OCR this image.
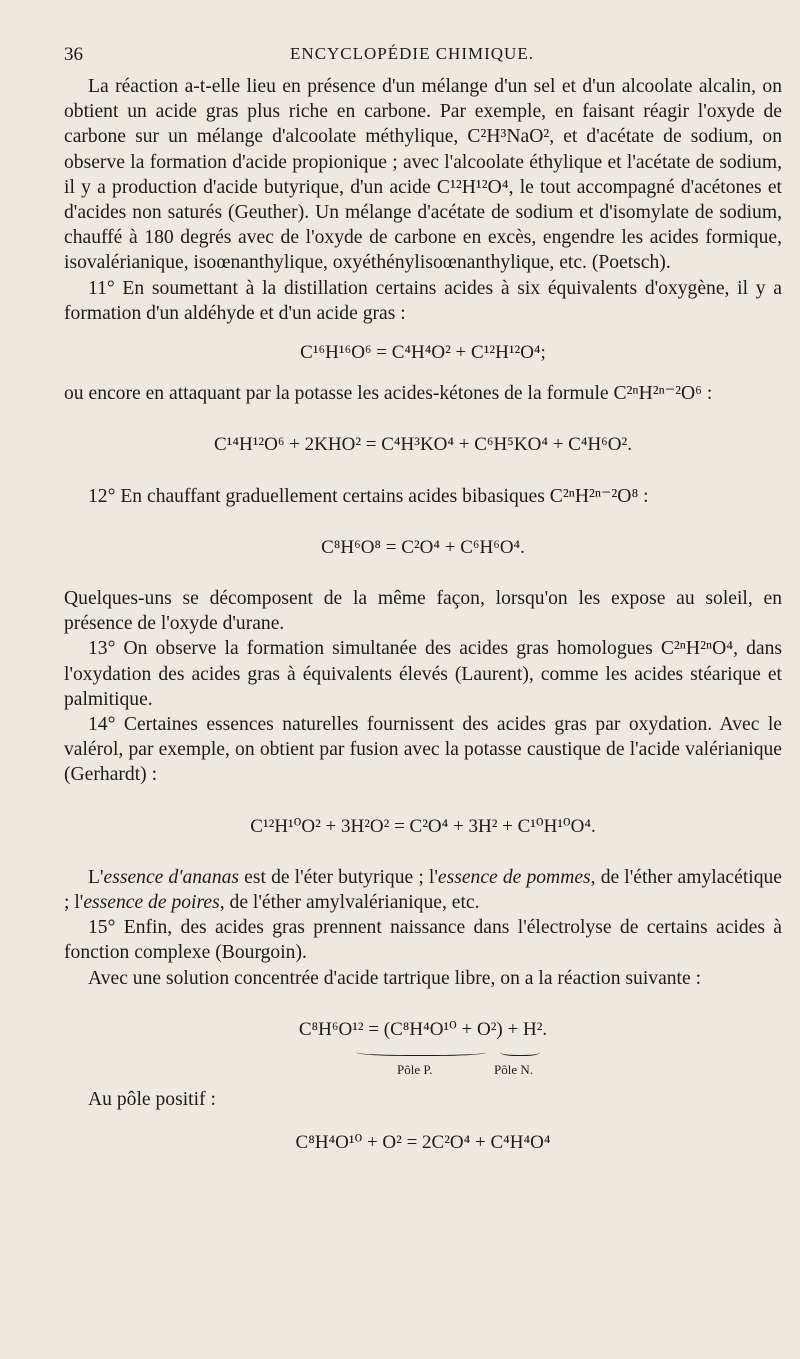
36	ENCYCLOPÉDIE CHIMIQUE.

La réaction a-t-elle lieu en présence d'un mélange d'un sel et d'un alcoolate alcalin, on obtient un acide gras plus riche en carbone. Par exemple, en faisant réagir l'oxyde de carbone sur un mélange d'alcoolate méthylique, C²H³NaO², et d'acétate de sodium, on observe la formation d'acide propionique ; avec l'alcoolate éthylique et l'acétate de sodium, il y a production d'acide butyrique, d'un acide C¹²H¹²O⁴, le tout accompagné d'acétones et d'acides non saturés (Geuther). Un mélange d'acétate de sodium et d'isomylate de sodium, chauffé à 180 degrés avec de l'oxyde de carbone en excès, engendre les acides formique, isovalérianique, isoœnanthylique, oxyéthénylisoœnanthylique, etc. (Poetsch).

11° En soumettant à la distillation certains acides à six équivalents d'oxygène, il y a formation d'un aldéhyde et d'un acide gras :

C¹⁶H¹⁶O⁶ = C⁴H⁴O² + C¹²H¹²O⁴;

ou encore en attaquant par la potasse les acides-kétones de la formule C²ⁿH²ⁿ⁻²O⁶ :

C¹⁴H¹²O⁶ + 2KHO² = C⁴H³KO⁴ + C⁶H⁵KO⁴ + C⁴H⁶O².

12° En chauffant graduellement certains acides bibasiques C²ⁿH²ⁿ⁻²O⁸ :

C⁸H⁶O⁸ = C²O⁴ + C⁶H⁶O⁴.

Quelques-uns se décomposent de la même façon, lorsqu'on les expose au soleil, en présence de l'oxyde d'urane.

13° On observe la formation simultanée des acides gras homologues C²ⁿH²ⁿO⁴, dans l'oxydation des acides gras à équivalents élevés (Laurent), comme les acides stéarique et palmitique.

14° Certaines essences naturelles fournissent des acides gras par oxydation. Avec le valérol, par exemple, on obtient par fusion avec la potasse caustique de l'acide valérianique (Gerhardt) :

C¹²H¹⁰O² + 3H²O² = C²O⁴ + 3H² + C¹⁰H¹⁰O⁴.

L'essence d'ananas est de l'éter butyrique ; l'essence de pommes, de l'éther amylacétique ; l'essence de poires, de l'éther amylvalérianique, etc.

15° Enfin, des acides gras prennent naissance dans l'électrolyse de certains acides à fonction complexe (Bourgoin).

Avec une solution concentrée d'acide tartrique libre, on a la réaction suivante :

C⁸H⁶O¹² = (C⁸H⁴O¹⁰ + O²) + H².
Pôle P.	Pôle N.

Au pôle positif :

C⁸H⁴O¹⁰ + O² = 2C²O⁴ + C⁴H⁴O⁴
